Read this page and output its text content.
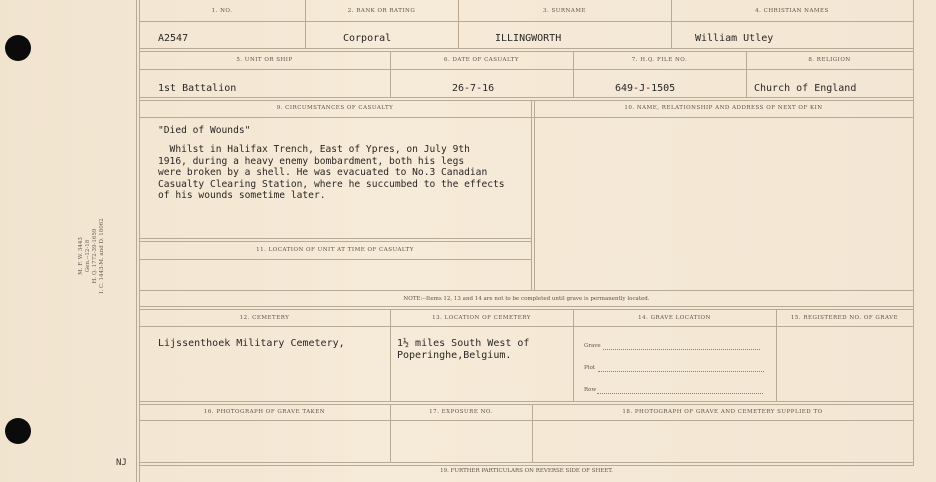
M. F. W. 3443 Gen.--12-18 H. Q. 1772-39-1659 I. C. 1443-M. and D. 18062
NJ
1. NO.	2. RANK OR RATING	3. SURNAME	4. CHRISTIAN NAMES
A2547	Corporal	ILLINGWORTH	William Utley
5. UNIT OR SHIP	6. DATE OF CASUALTY	7. H.Q. FILE NO.	8. RELIGION
1st Battalion	26-7-16	649-J-1505	Church of England
9. CIRCUMSTANCES OF CASUALTY	10. NAME, RELATIONSHIP AND ADDRESS OF NEXT OF KIN
"Died of Wounds"
Whilst in Halifax Trench, East of Ypres, on July 9th
1916, during a heavy enemy bombardment, both his legs
were broken by a shell. He was evacuated to No.3 Canadian
Casualty Clearing Station, where he succumbed to the effects
of his wounds sometime later.
11. LOCATION OF UNIT AT TIME OF CASUALTY
NOTE:--Items 12, 13 and 14 are not to be completed until grave is permanently located.
12. CEMETERY	13. LOCATION OF CEMETERY	14. GRAVE LOCATION	15. REGISTERED NO. OF GRAVE
Lijssenthoek Military Cemetery,	1½ miles South West of
Poperinghe,Belgium.
Grave
Plot
Row
16. PHOTOGRAPH OF GRAVE TAKEN	17. EXPOSURE NO.	18. PHOTOGRAPH OF GRAVE AND CEMETERY SUPPLIED TO
19. FURTHER PARTICULARS ON REVERSE SIDE OF SHEET.
